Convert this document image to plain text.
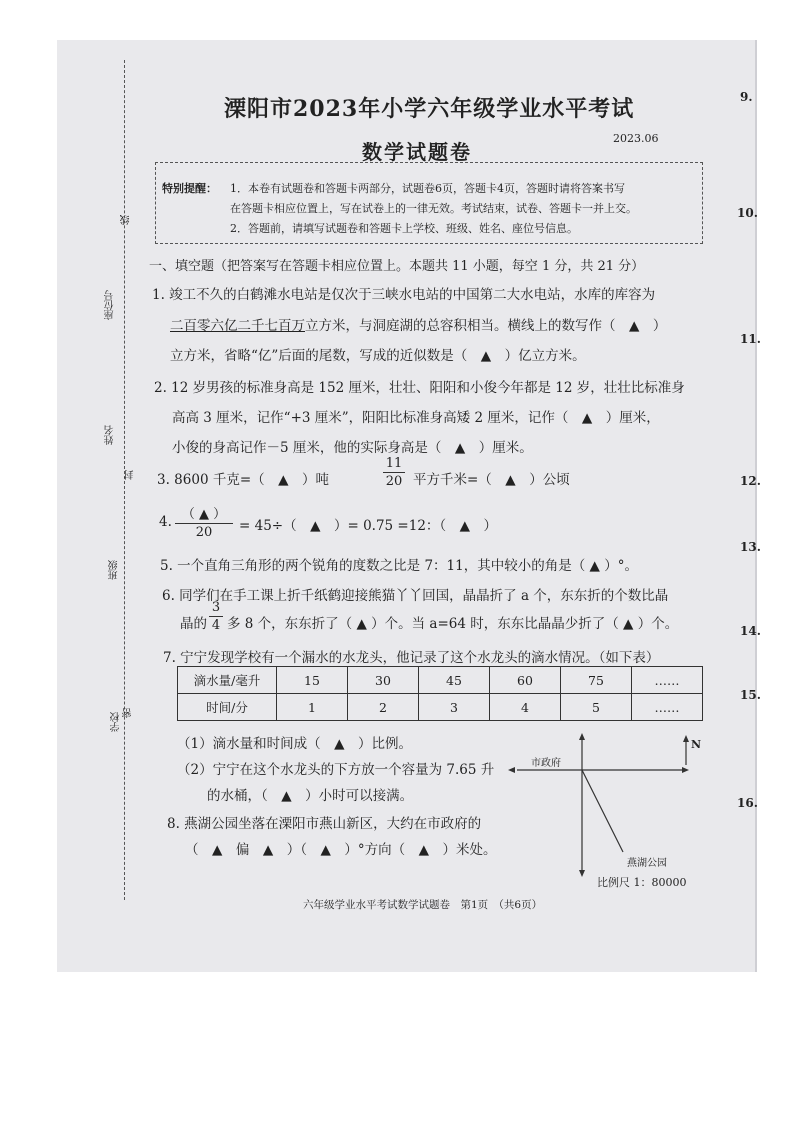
座位号
姓名
班级
学校
线
封
密
溧阳市2023年小学六年级学业水平考试
数学试题卷
2023.06
特别提醒： 1．本卷有试题卷和答题卡两部分，试题卷6页，答题卡4页，答题时请将答案书写
在答题卡相应位置上，写在试卷上的一律无效。考试结束，试卷、答题卡一并上交。
2．答题前，请填写试题卷和答题卡上学校、班级、姓名、座位号信息。
一、填空题（把答案写在答题卡相应位置上。本题共 11 小题，每空 1 分，共 21 分）
1. 竣工不久的白鹤滩水电站是仅次于三峡水电站的中国第二大水电站，水库的库容为
二百零六亿二千七百万立方米，与洞庭湖的总容积相当。横线上的数写作（　▲　）
立方米，省略“亿”后面的尾数，写成的近似数是（　▲　）亿立方米。
2. 12 岁男孩的标准身高是 152 厘米，壮壮、阳阳和小俊今年都是 12 岁，壮壮比标准身
高高 3 厘米，记作“+3 厘米”，阳阳比标准身高矮 2 厘米，记作（　▲　）厘米，
小俊的身高记作－5 厘米，他的实际身高是（　▲　）厘米。
3. 8600 千克=（　▲　）吨
11
20 平方千米=（　▲　）公顷
4. （ ▲ ）
20	= 45÷（　▲　）= 0.75 =12：（　▲　）
5. 一个直角三角形的两个锐角的度数之比是 7：11，其中较小的角是（ ▲ ）°。
6. 同学们在手工课上折千纸鹤迎接熊猫丫丫回国，晶晶折了 a 个，东东折的个数比晶
晶的
3
4 多 8 个，东东折了（ ▲ ）个。当 a=64 时，东东比晶晶少折了（ ▲ ）个。
7. 宁宁发现学校有一个漏水的水龙头，他记录了这个水龙头的滴水情况。（如下表）
滴水量/毫升	15	30	45	60	75	……
时间/分	1	2	3	4	5	……
（1）滴水量和时间成（　▲　）比例。
（2）宁宁在这个水龙头的下方放一个容量为 7.65 升
的水桶，（　▲　）小时可以接满。
8. 燕湖公园坐落在溧阳市燕山新区，大约在市政府的
（　▲　偏　▲　）（　▲　）°方向（　▲　）米处。
市政府
燕湖公园
N
比例尺 1：80000
六年级学业水平考试数学试题卷　第1页　（共6页）
9.
10.
11.
12.
13.
14.
15.
16.
